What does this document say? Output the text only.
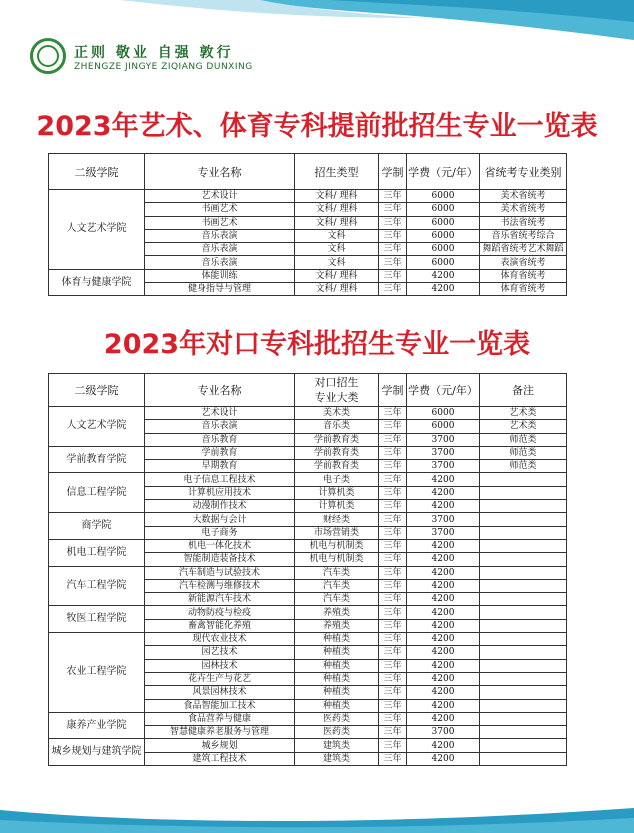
正则 敬业 自强 敦行
ZHENGZE JINGYE ZIQIANG DUNXING
2023年艺术、体育专科提前批招生专业一览表
二级学院	专业名称	招生类型	学制	学费（元/年）	省统考专业类别
人文艺术学院	艺术设计	文科/ 理科	三年	6000	美术省统考
	书画艺术	文科/ 理科	三年	6000	美术省统考
	书画艺术	文科/ 理科	三年	6000	书法省统考
	音乐表演	文科	三年	6000	音乐省统考综合
	音乐表演	文科	三年	6000	舞蹈省统考艺术舞蹈
	音乐表演	文科	三年	6000	表演省统考
体育与健康学院	体能训练	文科/ 理科	三年	4200	体育省统考
	健身指导与管理	文科/ 理科	三年	4200	体育省统考
2023年对口专科批招生专业一览表
二级学院	专业名称	对口招生专业大类	学制	学费（元/年）	备注
人文艺术学院	艺术设计	美术类	三年	6000	艺术类
	音乐表演	音乐类	三年	6000	艺术类
	音乐教育	学前教育类	三年	3700	师范类
学前教育学院	学前教育	学前教育类	三年	3700	师范类
	早期教育	学前教育类	三年	3700	师范类
信息工程学院	电子信息工程技术	电子类	三年	4200	
	计算机应用技术	计算机类	三年	4200	
	动漫制作技术	计算机类	三年	4200	
商学院	大数据与会计	财经类	三年	3700	
	电子商务	市场营销类	三年	3700	
机电工程学院	机电一体化技术	机电与机制类	三年	4200	
	智能制造装备技术	机电与机制类	三年	4200	
汽车工程学院	汽车制造与试验技术	汽车类	三年	4200	
	汽车检测与维修技术	汽车类	三年	4200	
	新能源汽车技术	汽车类	三年	4200	
牧医工程学院	动物防疫与检疫	养殖类	三年	4200	
	畜禽智能化养殖	养殖类	三年	4200	
农业工程学院	现代农业技术	种植类	三年	4200	
	园艺技术	种植类	三年	4200	
	园林技术	种植类	三年	4200	
	花卉生产与花艺	种植类	三年	4200	
	风景园林技术	种植类	三年	4200	
	食品智能加工技术	种植类	三年	4200	
康养产业学院	食品营养与健康	医药类	三年	4200	
	智慧健康养老服务与管理	医药类	三年	3700	
城乡规划与建筑学院	城乡规划	建筑类	三年	4200	
	建筑工程技术	建筑类	三年	4200	
